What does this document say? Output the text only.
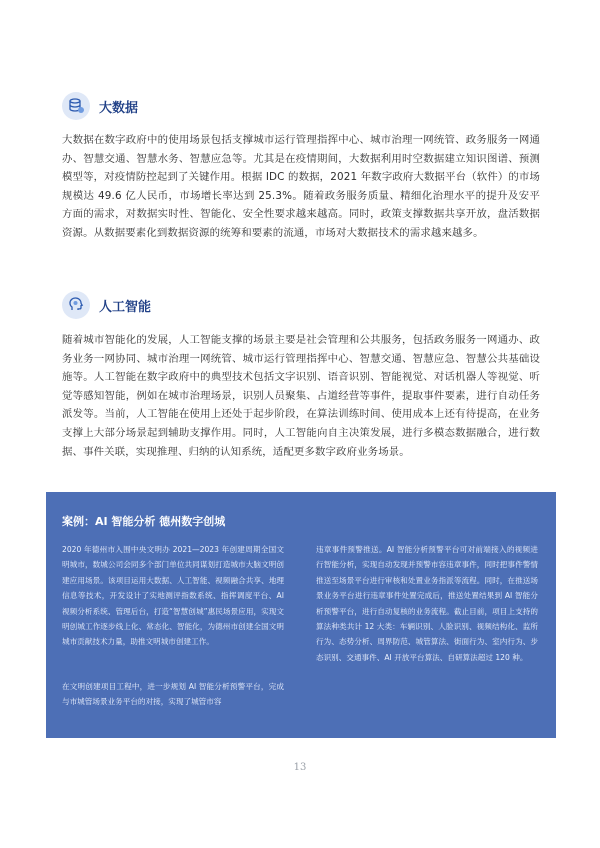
大数据

大数据在数字政府中的使用场景包括支撑城市运行管理指挥中心、城市治理一网统管、政务服务一网通办、智慧交通、智慧水务、智慧应急等。尤其是在疫情期间，大数据利用时空数据建立知识图谱、预测模型等，对疫情防控起到了关键作用。根据 IDC 的数据，2021 年数字政府大数据平台（软件）的市场规模达 49.6 亿人民币，市场增长率达到 25.3%。随着政务服务质量、精细化治理水平的提升及安平方面的需求，对数据实时性、智能化、安全性要求越来越高。同时，政策支撑数据共享开放，盘活数据资源。从数据要素化到数据资源的统筹和要素的流通，市场对大数据技术的需求越来越多。

人工智能

随着城市智能化的发展，人工智能支撑的场景主要是社会管理和公共服务，包括政务服务一网通办、政务业务一网协同、城市治理一网统管、城市运行管理指挥中心、智慧交通、智慧应急、智慧公共基础设施等。人工智能在数字政府中的典型技术包括文字识别、语音识别、智能视觉、对话机器人等视觉、听觉等感知智能，例如在城市治理场景，识别人员聚集、占道经营等事件，提取事件要素，进行自动任务派发等。当前，人工智能在使用上还处于起步阶段，在算法训练时间、使用成本上还有待提高，在业务支撑上大部分场景起到辅助支撑作用。同时，人工智能向自主决策发展，进行多模态数据融合，进行数据、事件关联，实现推理、归纳的认知系统，适配更多数字政府业务场景。

案例：AI 智能分析 德州数字创城

2020 年德州市入围中央文明办 2021—2023 年创建周期全国文明城市，数城公司会同多个部门单位共同谋划打造城市大脑文明创建应用场景。该项目运用大数据、人工智能、视频融合共享、地理信息等技术，开发设计了实地测评指数系统、指挥调度平台、AI 视频分析系统、管理后台，打造“智慧创城”惠民场景应用，实现文明创城工作逐步线上化、常态化、智能化，为德州市创建全国文明城市贡献技术力量，助推文明城市创建工作。

在文明创建项目工程中，进一步规划 AI 智能分析预警平台，完成与市城管场景业务平台的对接，实现了城管市容

违章事件预警推送。AI 智能分析预警平台可对前端接入的视频进行智能分析，实现自动发现并预警市容违章事件，同时把事件警情推送至场景平台进行审核和处置业务指派等流程。同时，在推送场景业务平台进行违章事件处置完成后，推送处置结果到 AI 智能分析预警平台，进行自动复核的业务流程。截止目前，项目上支持的算法种类共计 12 大类：车辆识别、人脸识别、视频结构化、监所行为、态势分析、周界防范、城管算法、街面行为、室内行为、步态识别、交通事件、AI 开放平台算法、自研算法超过 120 种。

13
